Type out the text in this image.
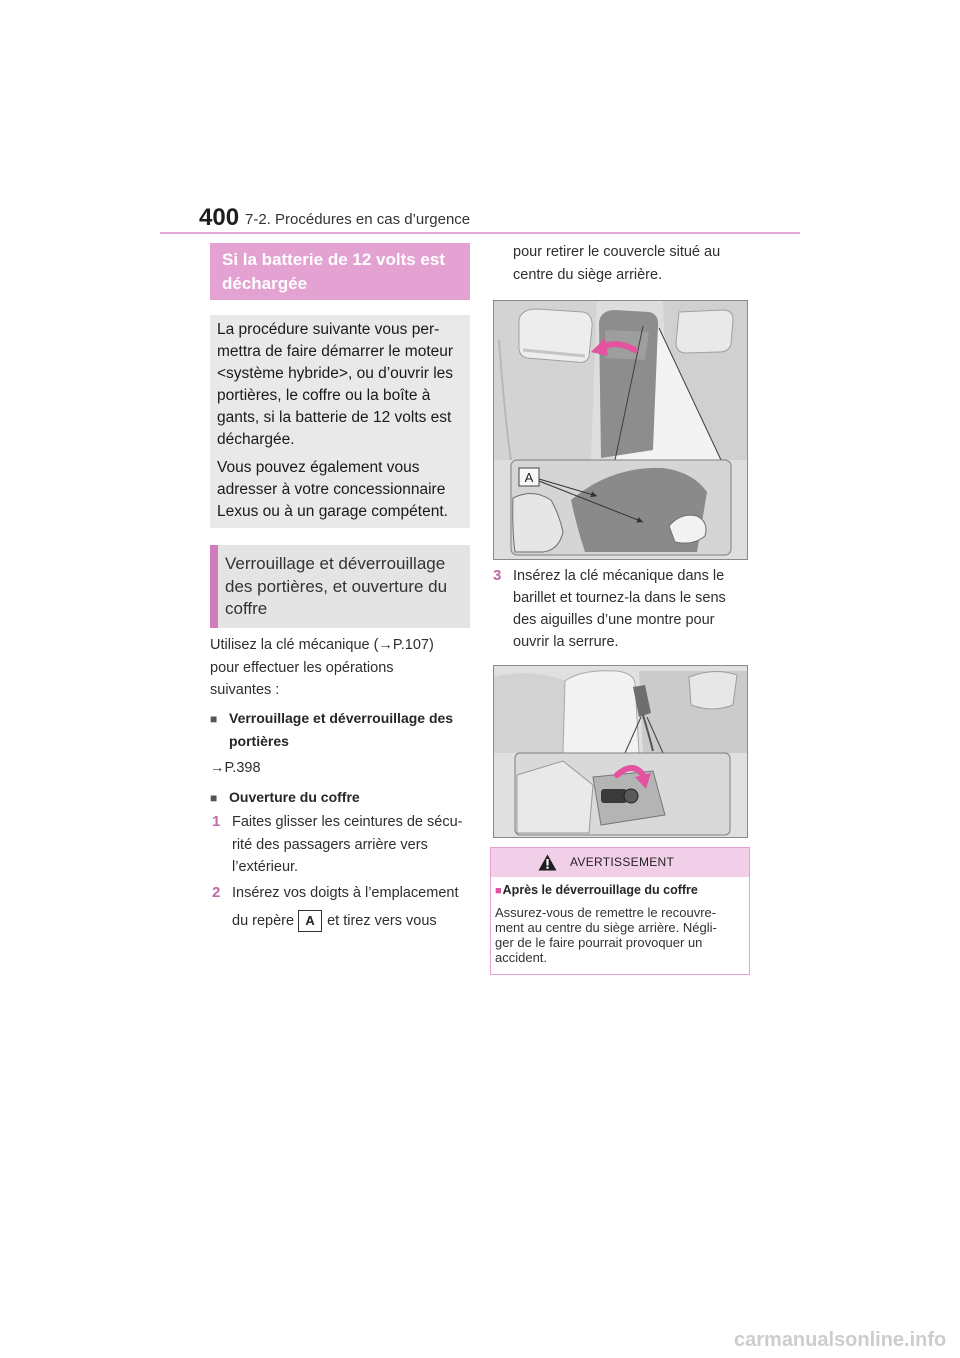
400 7-2. Procédures en cas d’urgence
Si la batterie de 12 volts est
déchargée
La procédure suivante vous per-
mettra de faire démarrer le moteur
<système hybride>, ou d’ouvrir les
portières, le coffre ou la boîte à
gants, si la batterie de 12 volts est
déchargée.
Vous pouvez également vous
adresser à votre concessionnaire
Lexus ou à un garage compétent.
Verrouillage et déverrouillage
des portières, et ouverture du
coffre
Utilisez la clé mécanique (→P.107)
pour effectuer les opérations
suivantes :
■ Verrouillage et déverrouillage des
portières
→P.398
■ Ouverture du coffre
1 Faites glisser les ceintures de sécu-
rité des passagers arrière vers
l’extérieur.
2 Insérez vos doigts à l’emplacement
du repère A et tirez vers vous
pour retirer le couvercle situé au
centre du siège arrière.
A
3 Insérez la clé mécanique dans le
barillet et tournez-la dans le sens
des aiguilles d’une montre pour
ouvrir la serrure.
AVERTISSEMENT
■Après le déverrouillage du coffre
Assurez-vous de remettre le recouvre-
ment au centre du siège arrière. Négli-
ger de le faire pourrait provoquer un
accident.
carmanualsonline.info
